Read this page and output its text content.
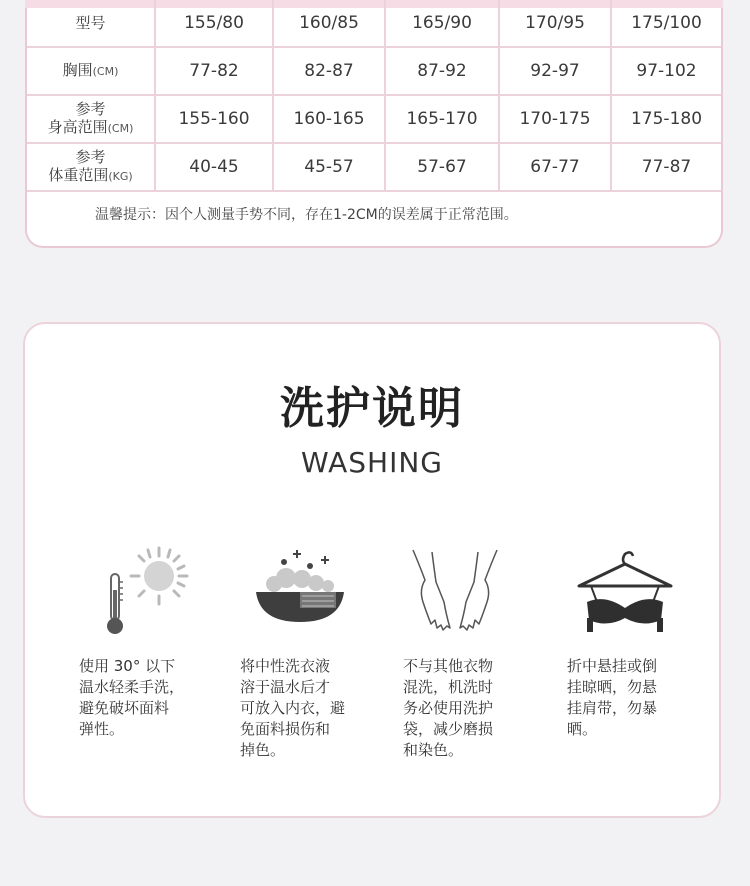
型号	155/80	160/85	165/90	170/95	175/100
胸围(CM)	77-82	82-87	87-92	92-97	97-102
参考
身高范围(CM)	155-160	160-165	165-170	170-175	175-180
参考
体重范围(KG)	40-45	45-57	57-67	67-77	77-87
温馨提示：因个人测量手势不同，存在1-2CM的误差属于正常范围。
洗护说明
WASHING
使用 30° 以下
温水轻柔手洗，
避免破坏面料
弹性。
将中性洗衣液
溶于温水后才
可放入内衣，避
免面料损伤和
掉色。
不与其他衣物
混洗，机洗时
务必使用洗护
袋，减少磨损
和染色。
折中悬挂或倒
挂晾晒，勿悬
挂肩带，勿暴
晒。
